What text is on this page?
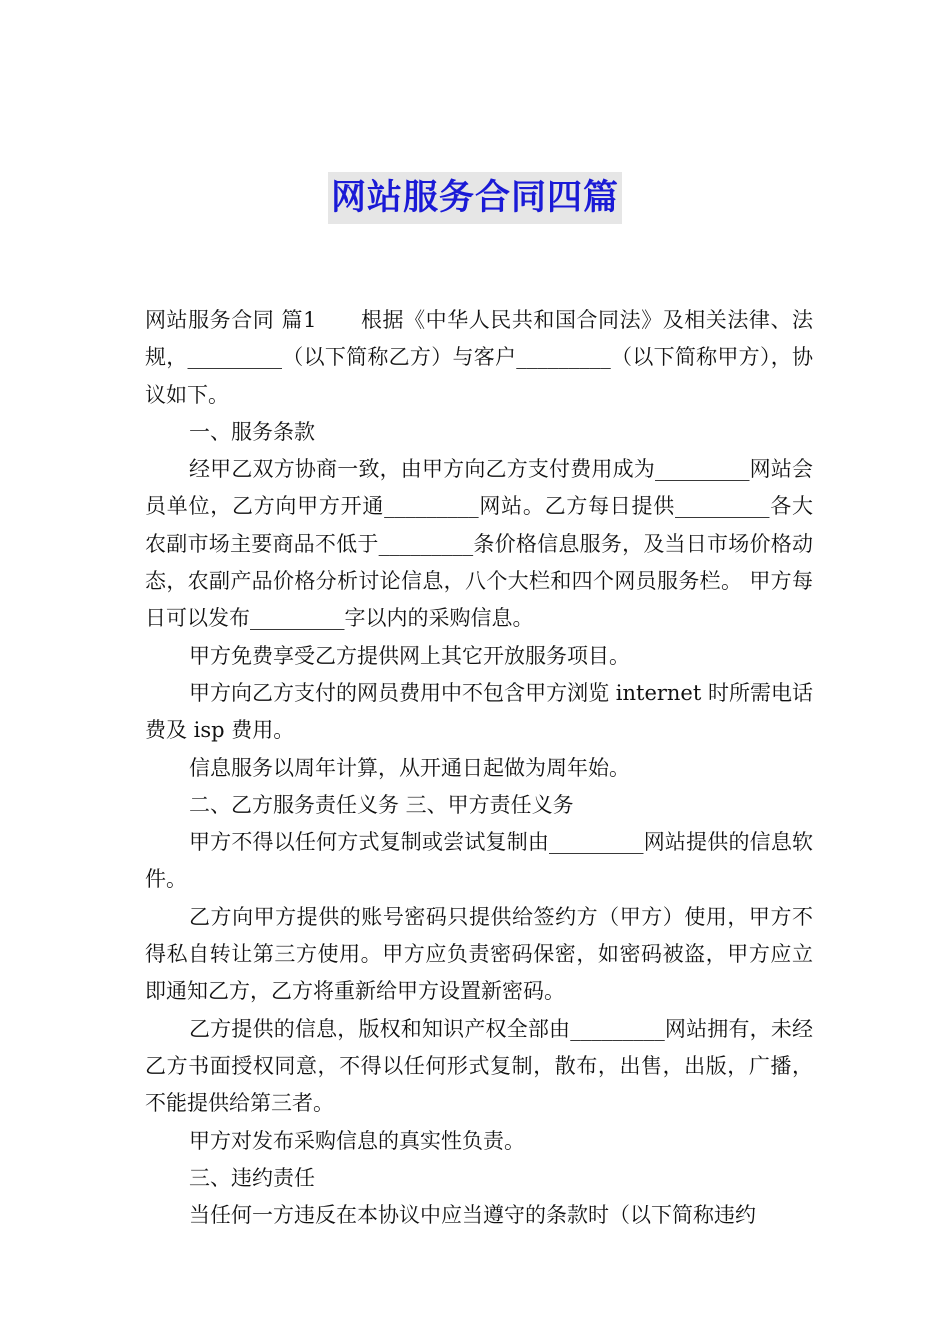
网站服务合同四篇

网站服务合同 篇1 根据《中华人民共和国合同法》及相关法律、法规，_________（以下简称乙方）与客户_________（以下简称甲方），协议如下。

一、服务条款

经甲乙双方协商一致，由甲方向乙方支付费用成为_________网站会员单位，乙方向甲方开通_________网站。乙方每日提供_________各大农副市场主要商品不低于_________条价格信息服务，及当日市场价格动态，农副产品价格分析讨论信息，八个大栏和四个网员服务栏。 甲方每日可以发布_________字以内的采购信息。

甲方免费享受乙方提供网上其它开放服务项目。

甲方向乙方支付的网员费用中不包含甲方浏览 internet 时所需电话费及 isp 费用。

信息服务以周年计算，从开通日起做为周年始。

二、乙方服务责任义务 三、甲方责任义务

甲方不得以任何方式复制或尝试复制由_________网站提供的信息软件。

乙方向甲方提供的账号密码只提供给签约方（甲方）使用，甲方不得私自转让第三方使用。甲方应负责密码保密，如密码被盗，甲方应立即通知乙方，乙方将重新给甲方设置新密码。

乙方提供的信息，版权和知识产权全部由_________网站拥有，未经乙方书面授权同意，不得以任何形式复制，散布，出售，出版，广播，不能提供给第三者。

甲方对发布采购信息的真实性负责。

三、违约责任

当任何一方违反在本协议中应当遵守的条款时（以下简称违约
